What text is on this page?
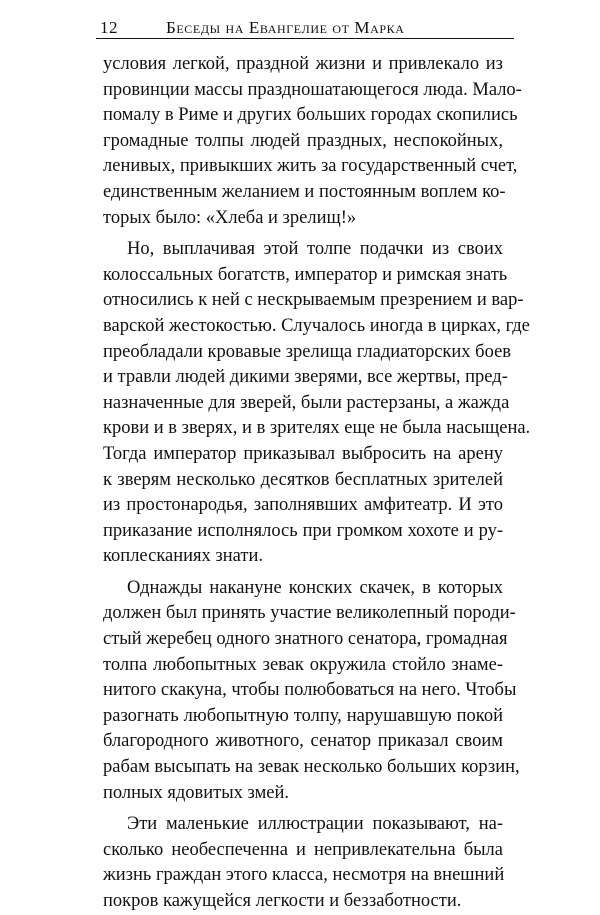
12	Беседы на Евангелие от Марка
условия легкой, праздной жизни и привлекало из
провинции массы праздношатающегося люда. Мало-
помалу в Риме и других больших городах скопились
громадные толпы людей праздных, неспокойных,
ленивых, привыкших жить за государственный счет,
единственным желанием и постоянным воплем ко-
торых было: «Хлеба и зрелищ!»
Но, выплачивая этой толпе подачки из своих
колоссальных богатств, император и римская знать
относились к ней с нескрываемым презрением и вар-
варской жестокостью. Случалось иногда в цирках, где
преобладали кровавые зрелища гладиаторских боев
и травли людей дикими зверями, все жертвы, пред-
назначенные для зверей, были растерзаны, а жажда
крови и в зверях, и в зрителях еще не была насыщена.
Тогда император приказывал выбросить на арену
к зверям несколько десятков бесплатных зрителей
из простонародья, заполнявших амфитеатр. И это
приказание исполнялось при громком хохоте и ру-
коплесканиях знати.
Однажды накануне конских скачек, в которых
должен был принять участие великолепный породи-
стый жеребец одного знатного сенатора, громадная
толпа любопытных зевак окружила стойло знаме-
нитого скакуна, чтобы полюбоваться на него. Чтобы
разогнать любопытную толпу, нарушавшую покой
благородного животного, сенатор приказал своим
рабам высыпать на зевак несколько больших корзин,
полных ядовитых змей.
Эти маленькие иллюстрации показывают, на-
сколько необеспеченна и непривлекательна была
жизнь граждан этого класса, несмотря на внешний
покров кажущейся легкости и беззаботности.
